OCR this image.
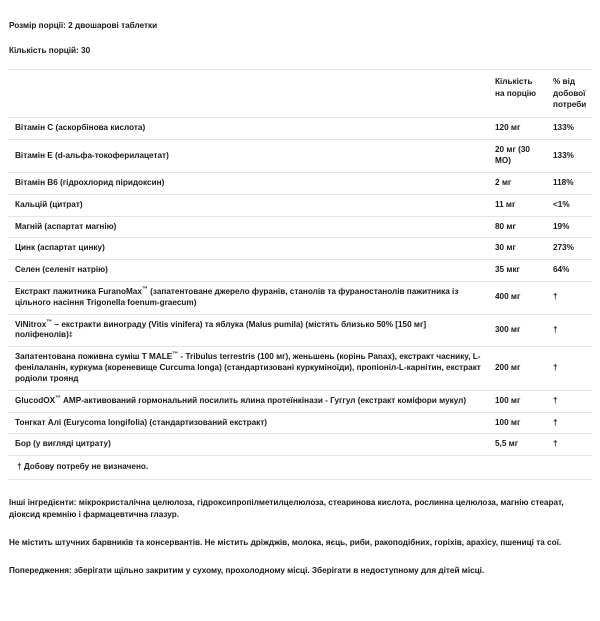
Розмір порції: 2 двошарові таблетки
Кількість порцій: 30
	Кількість на порцію	% від добової потреби
Вітамін C (аскорбінова кислота)	120 мг	133%
Вітамін E (d-альфа-токоферилацетат)	20 мг (30 МО)	133%
Вітамін B6 (гідрохлорид піридоксин)	2 мг	118%
Кальцій (цитрат)	11 мг	<1%
Магній (аспартат магнію)	80 мг	19%
Цинк (аспартат цинку)	30 мг	273%
Селен (селеніт натрію)	35 мкг	64%
Екстракт пажитника FuranoMax™ (запатентоване джерело фуранів, станолів та фураностанолів пажитника із цільного насіння Trigonella foenum-graecum)	400 мг	†
ViNitrox™ – екстракти винограду (Vitis vinifera) та яблука (Malus pumila) (містять близько 50% [150 мг] поліфенолів)‡	300 мг	†
Запатентована поживна суміш T MALE™ - Tribulus terrestris (100 мг), женьшень (корінь Panax), екстракт часнику, L-фенілаланін, куркума (кореневище Curcuma longa) (стандартизовані куркуміноїди), пропіоніл-L-карнітин, екстракт родіоли троянд	200 мг	†
GlucodOX™ AMP-активований гормональний посилить ялина протеїнкінази - Гуггул (екстракт коміфори мукул)	100 мг	†
Тонгкат Алі (Eurycoma longifolia) (стандартизований екстракт)	100 мг	†
Бор (у вигляді цитрату)	5,5 мг	†
† Добову потребу не визначено.		
Інші інгредієнти: мікрокристалічна целюлоза, гідроксипропілметилцелюлоза, стеаринова кислота, рослинна целюлоза, магнію стеарат, діоксид кремнію і фармацевтична глазур.
Не містить штучних барвників та консервантів. Не містить дріжджів, молока, яєць, риби, ракоподібних, горіхів, арахісу, пшениці та сої.
Попередження: зберігати щільно закритим у сухому, прохолодному місці. Зберігати в недоступному для дітей місці.
